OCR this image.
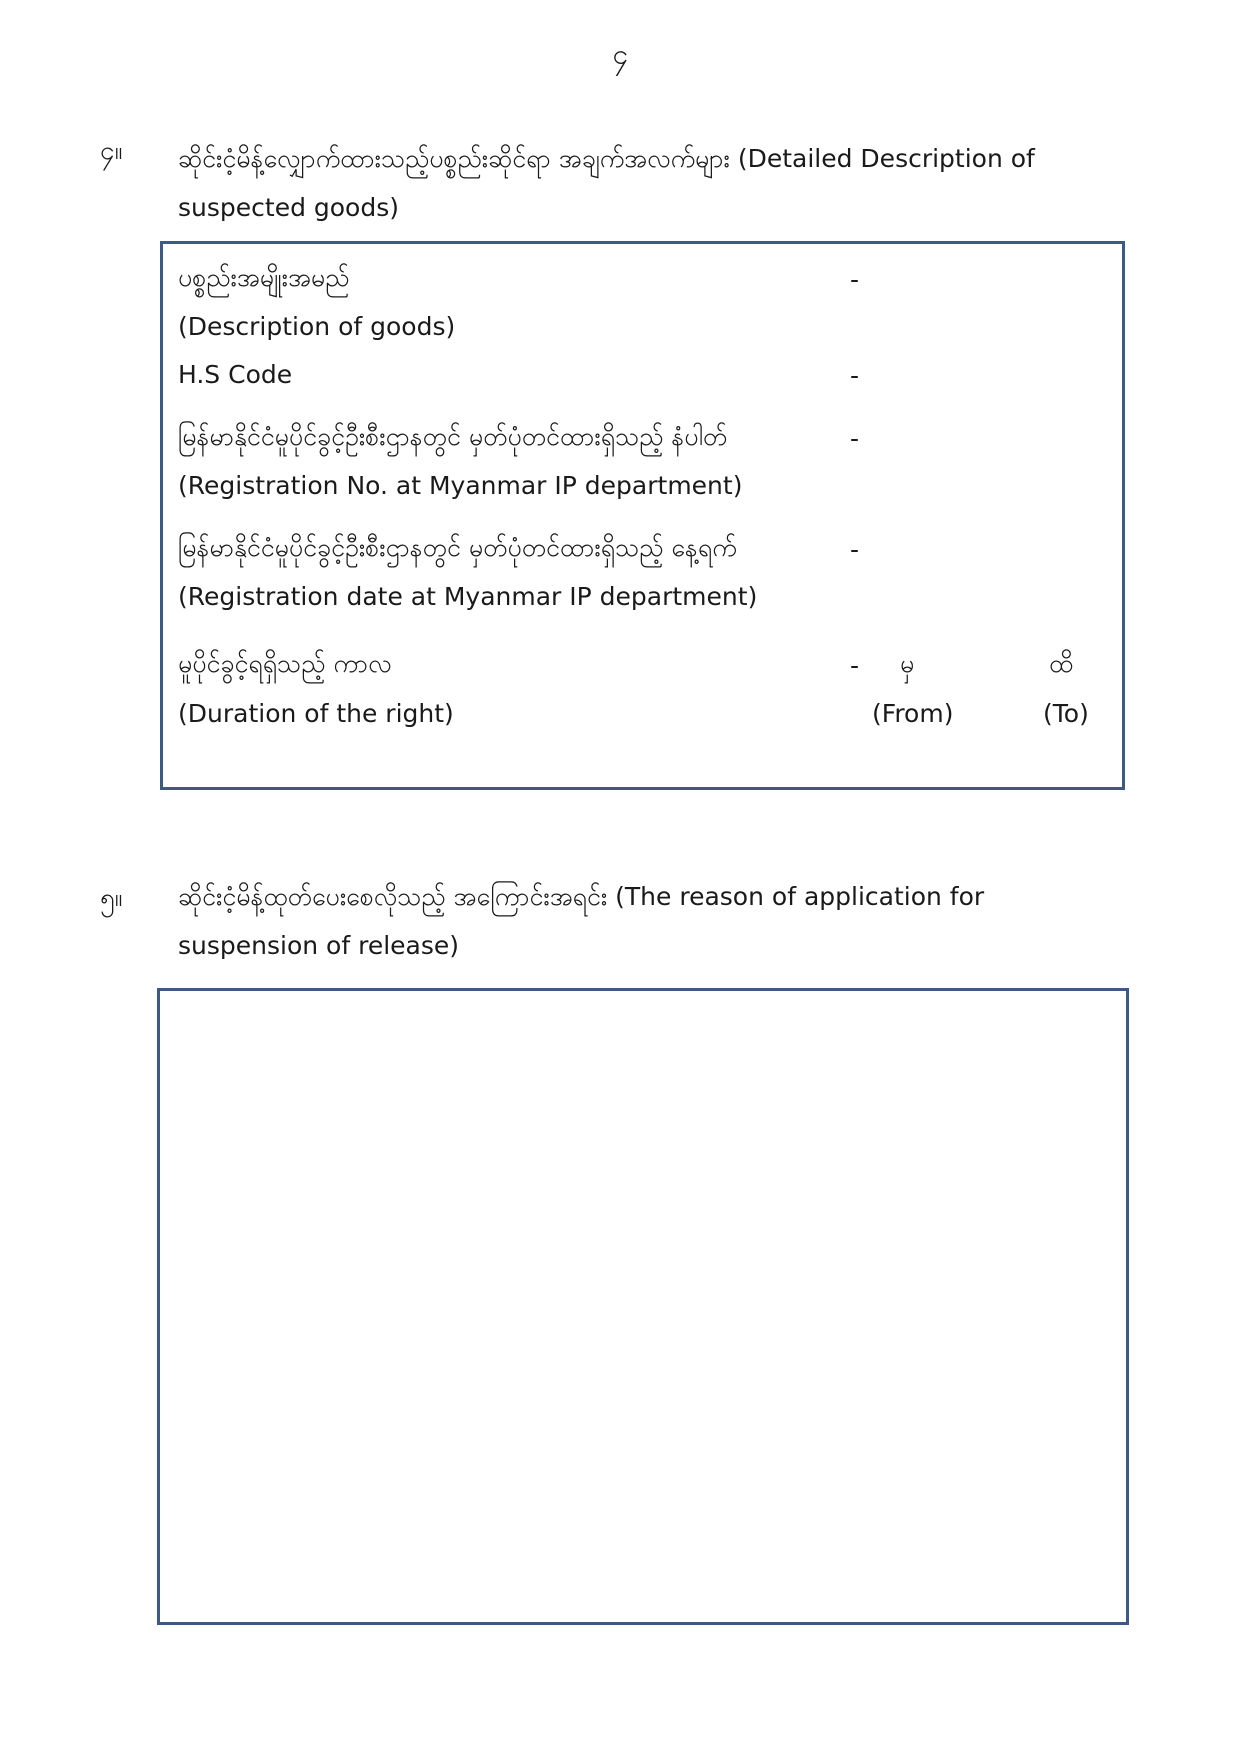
၄
၄။ ဆိုင်းငံ့မိန့်လျှောက်ထားသည့်ပစ္စည်းဆိုင်ရာ အချက်အလက်များ (Detailed Description of
suspected goods)
ပစ္စည်းအမျိုးအမည်	-
(Description of goods)
H.S Code	-
မြန်မာနိုင်ငံမူပိုင်ခွင့်ဦးစီးဌာနတွင် မှတ်ပုံတင်ထားရှိသည့် နံပါတ်	-
(Registration No. at Myanmar IP department)
မြန်မာနိုင်ငံမူပိုင်ခွင့်ဦးစီးဌာနတွင် မှတ်ပုံတင်ထားရှိသည့် နေ့ရက်	-
(Registration date at Myanmar IP department)
မူပိုင်ခွင့်ရရှိသည့် ကာလ	- မှ	ထိ
(Duration of the right)	(From)	(To)
၅။ ဆိုင်းငံ့မိန့်ထုတ်ပေးစေလိုသည့် အကြောင်းအရင်း (The reason of application for
suspension of release)
